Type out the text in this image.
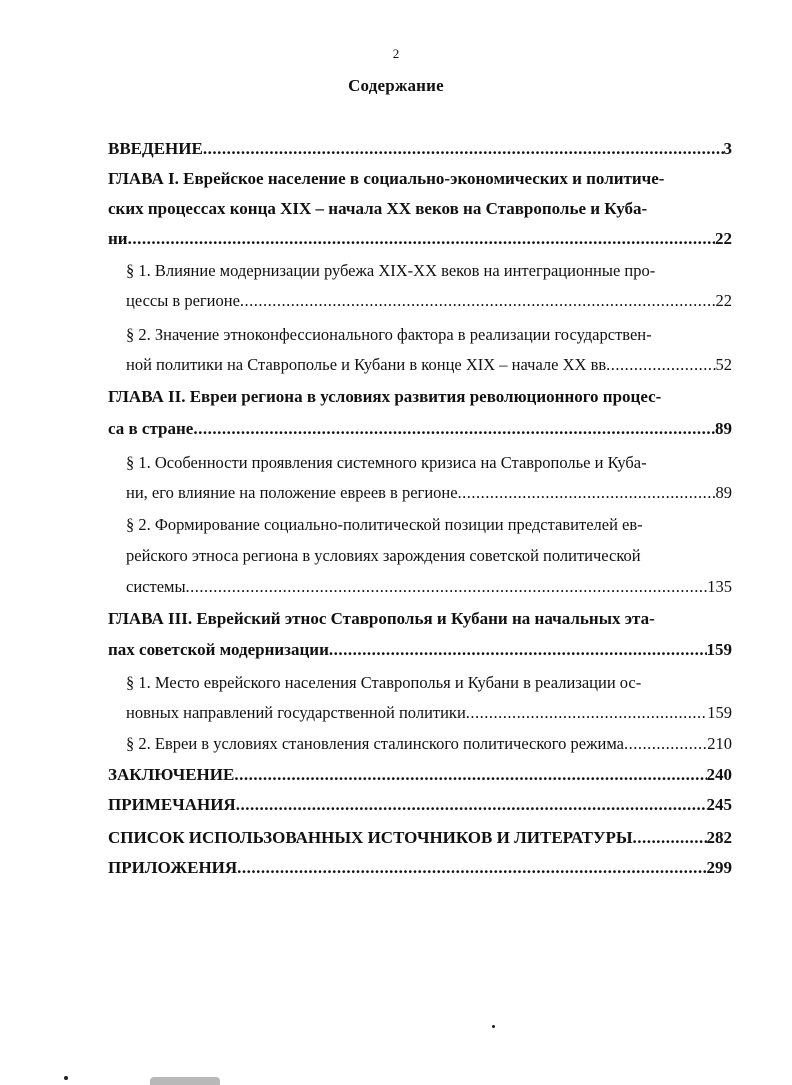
2
Содержание
ВВЕДЕНИЕ .....	3
ГЛАВА I. Еврейское население в социально-экономических и политиче-
ских процессах конца XIX – начала XX веков на Ставрополье и Куба-
ни .....	22
§ 1. Влияние модернизации рубежа XIX-XX веков на интеграционные про-
цессы в регионе .....	22
§ 2. Значение этноконфессионального фактора в реализации государствен-
ной политики на Ставрополье и Кубани в конце XIX – начале XX вв .....	52
ГЛАВА II. Евреи региона в условиях развития революционного процес-
са в стране .....	89
§ 1. Особенности проявления системного кризиса на Ставрополье и Куба-
ни, его влияние на положение евреев в регионе .....	89
§ 2. Формирование социально-политической позиции представителей ев-
рейского этноса региона в условиях зарождения советской политической
системы .....	135
ГЛАВА III. Еврейский этнос Ставрополья и Кубани на начальных эта-
пах советской модернизации .....	159
§ 1. Место еврейского населения Ставрополья и Кубани в реализации ос-
новных направлений государственной политики .....	159
§ 2. Евреи в условиях становления сталинского политического режима .....	210
ЗАКЛЮЧЕНИЕ .....	240
ПРИМЕЧАНИЯ .....	245
СПИСОК ИСПОЛЬЗОВАННЫХ ИСТОЧНИКОВ И ЛИТЕРАТУРЫ .....	282
ПРИЛОЖЕНИЯ .....	299
